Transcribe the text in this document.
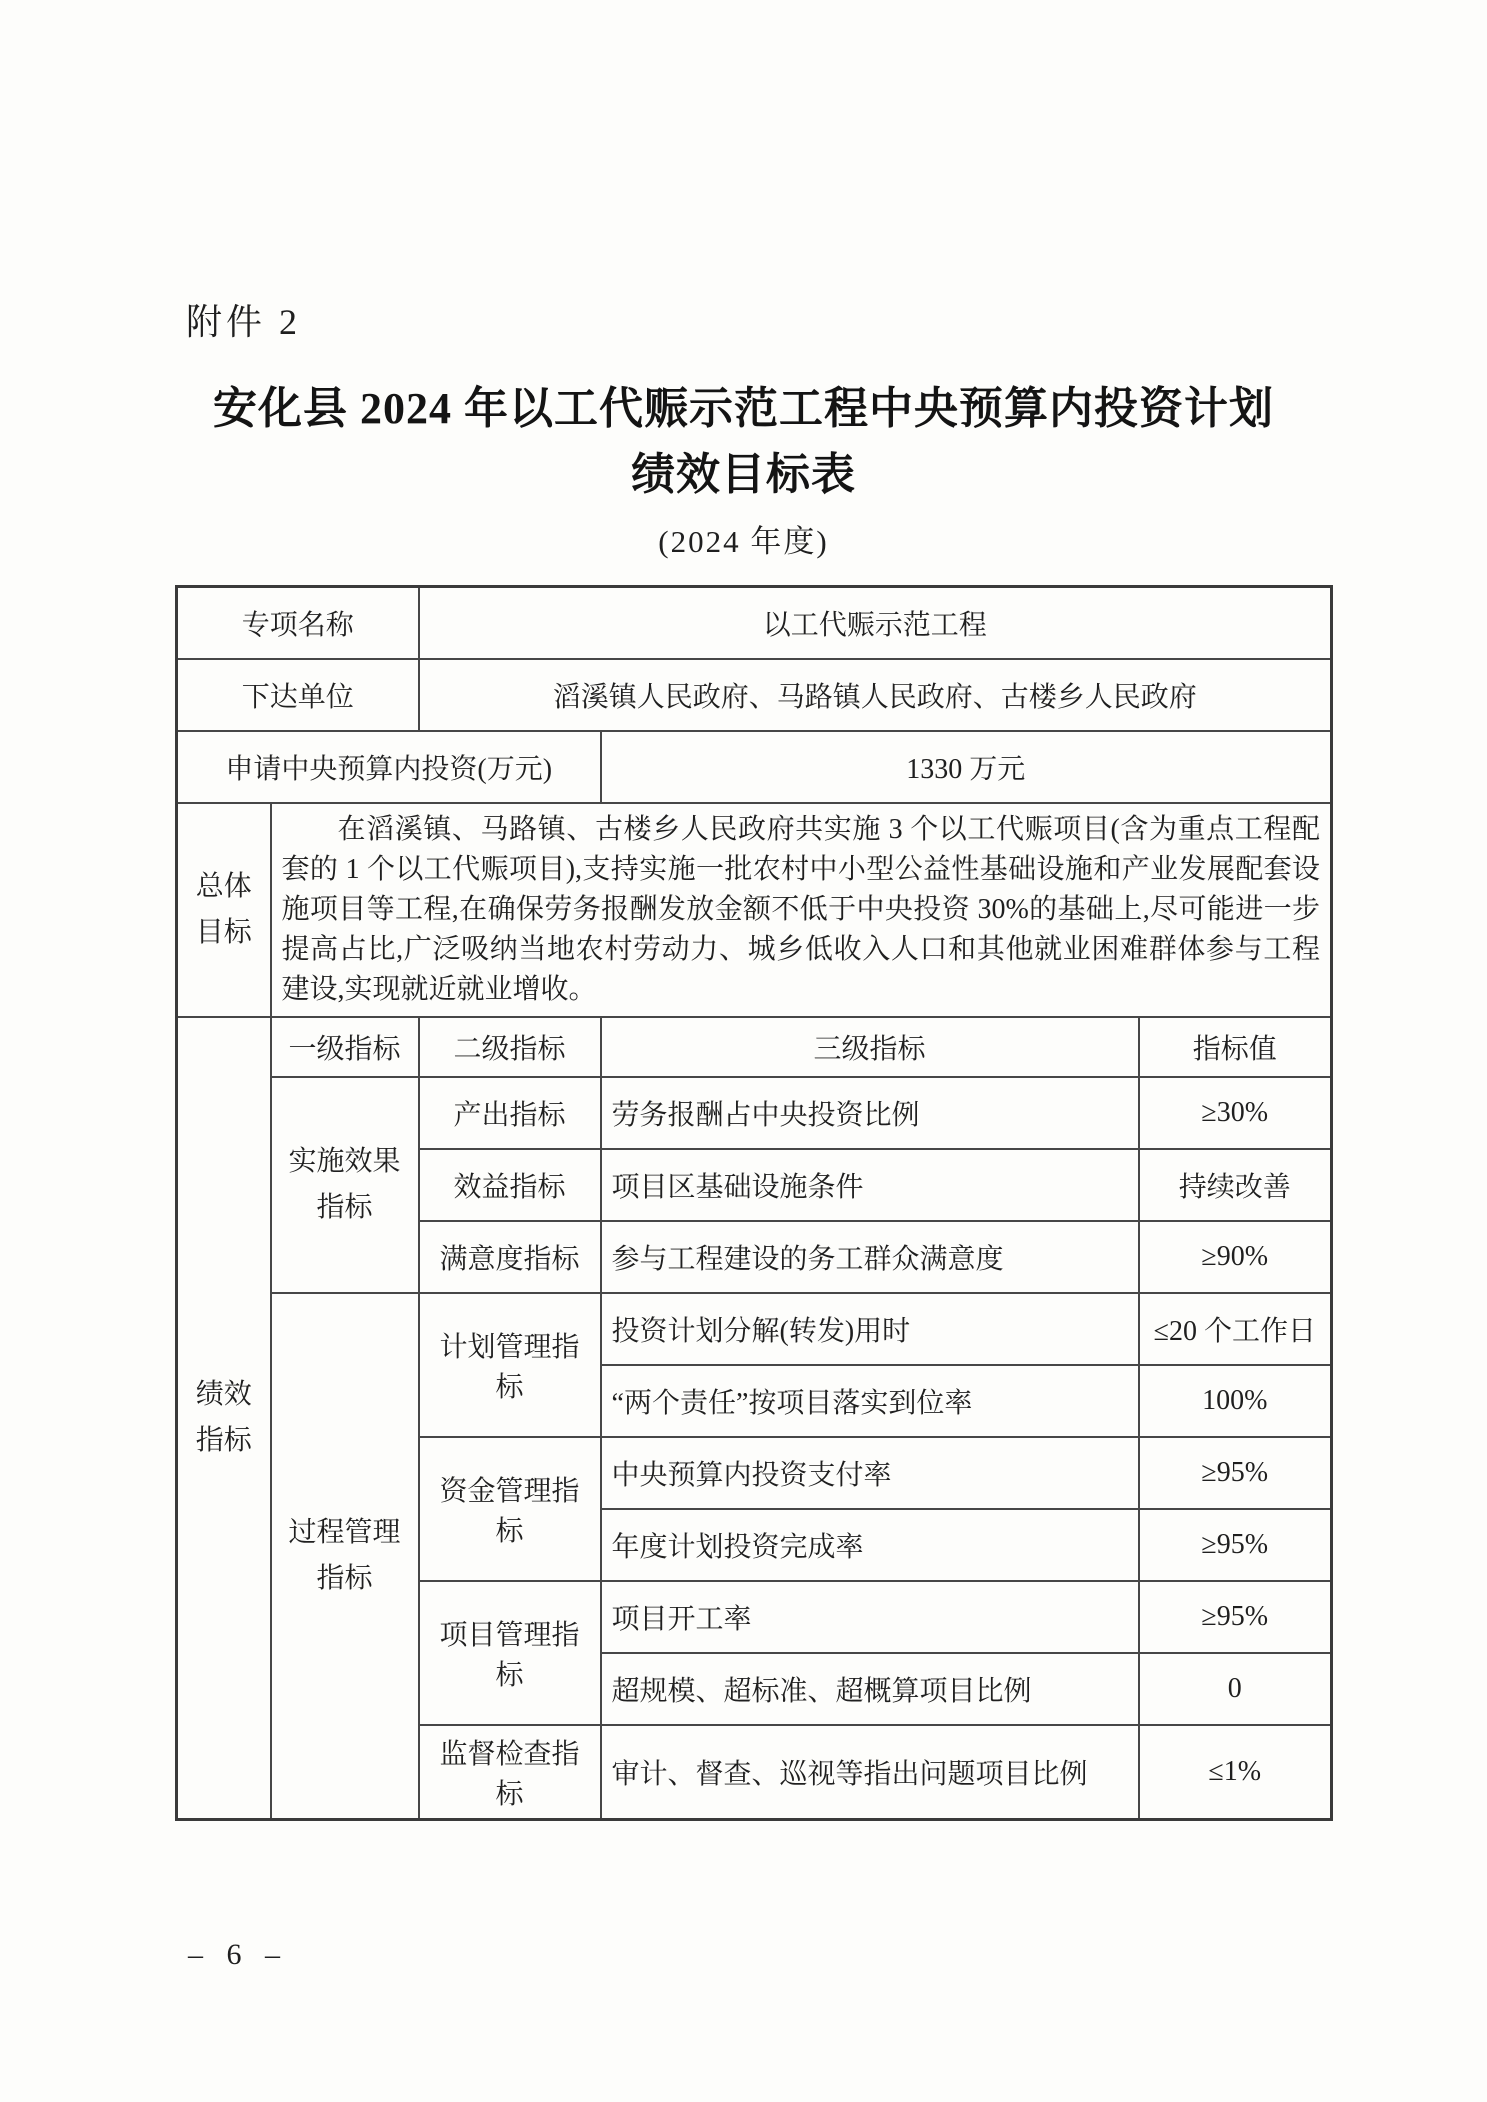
附件 2
安化县 2024 年以工代赈示范工程中央预算内投资计划
绩效目标表
(2024 年度)
专项名称		以工代赈示范工程		
下达单位		滔溪镇人民政府、马路镇人民政府、古楼乡人民政府		
申请中央预算内投资(万元)			1330 万元	
总体目标	在滔溪镇、马路镇、古楼乡人民政府共实施 3 个以工代赈项目(含为重点工程配套的 1 个以工代赈项目),支持实施一批农村中小型公益性基础设施和产业发展配套设施项目等工程,在确保劳务报酬发放金额不低于中央投资 30%的基础上,尽可能进一步提高占比,广泛吸纳当地农村劳动力、城乡低收入人口和其他就业困难群体参与工程建设,实现就近就业增收。			

绩效指标	一级指标	二级指标	三级指标	指标值
	实施效果指标	产出指标	劳务报酬占中央投资比例	≥30%
		效益指标	项目区基础设施条件	持续改善
		满意度指标	参与工程建设的务工群众满意度	≥90%
	过程管理指标	计划管理指标	投资计划分解(转发)用时	≤20 个工作日
			“两个责任”按项目落实到位率	100%
		资金管理指标	中央预算内投资支付率	≥95%
			年度计划投资完成率	≥95%
		项目管理指标	项目开工率	≥95%
			超规模、超标准、超概算项目比例	0
		监督检查指标	审计、督查、巡视等指出问题项目比例	≤1%
– 6 –
